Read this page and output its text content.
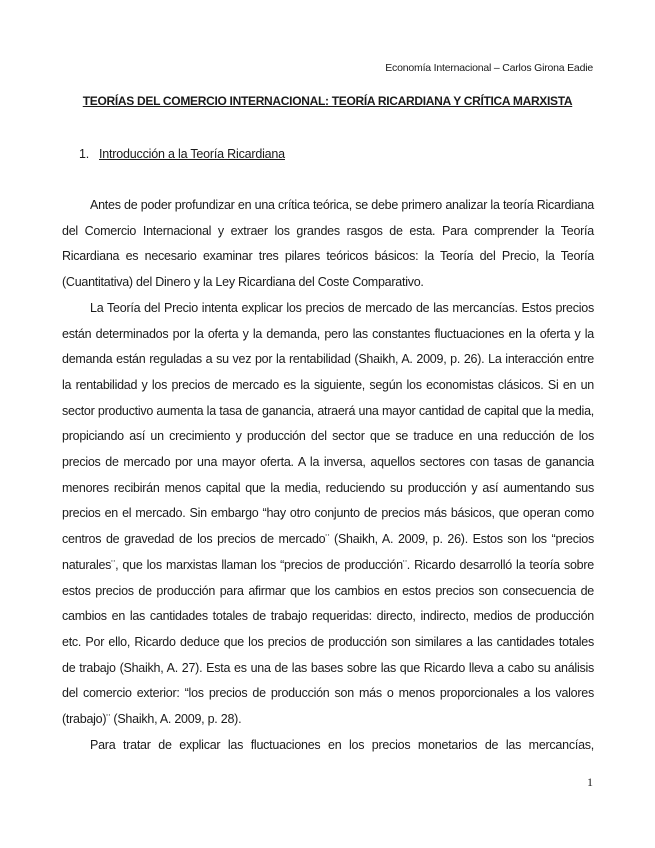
Economía Internacional – Carlos Girona Eadie
TEORÍAS DEL COMERCIO INTERNACIONAL: TEORÍA RICARDIANA Y CRÍTICA MARXISTA
1. Introducción a la Teoría Ricardiana

Antes de poder profundizar en una crítica teórica, se debe primero analizar la teoría Ricardiana del Comercio Internacional y extraer los grandes rasgos de esta. Para comprender la Teoría Ricardiana es necesario examinar tres pilares teóricos básicos: la Teoría del Precio, la Teoría (Cuantitativa) del Dinero y la Ley Ricardiana del Coste Comparativo.

La Teoría del Precio intenta explicar los precios de mercado de las mercancías. Estos precios están determinados por la oferta y la demanda, pero las constantes fluctuaciones en la oferta y la demanda están reguladas a su vez por la rentabilidad (Shaikh, A. 2009, p. 26). La interacción entre la rentabilidad y los precios de mercado es la siguiente, según los economistas clásicos. Si en un sector productivo aumenta la tasa de ganancia, atraerá una mayor cantidad de capital que la media, propiciando así un crecimiento y producción del sector que se traduce en una reducción de los precios de mercado por una mayor oferta. A la inversa, aquellos sectores con tasas de ganancia menores recibirán menos capital que la media, reduciendo su producción y así aumentando sus precios en el mercado. Sin embargo “hay otro conjunto de precios más básicos, que operan como centros de gravedad de los precios de mercado¨ (Shaikh, A. 2009, p. 26). Estos son los “precios naturales¨, que los marxistas llaman los “precios de producción¨. Ricardo desarrolló la teoría sobre estos precios de producción para afirmar que los cambios en estos precios son consecuencia de cambios en las cantidades totales de trabajo requeridas: directo, indirecto, medios de producción etc. Por ello, Ricardo deduce que los precios de producción son similares a las cantidades totales de trabajo (Shaikh, A. 27). Esta es una de las bases sobre las que Ricardo lleva a cabo su análisis del comercio exterior: “los precios de producción son más o menos proporcionales a los valores (trabajo)¨ (Shaikh, A. 2009, p. 28).

Para tratar de explicar las fluctuaciones en los precios monetarios de las mercancías,

1
